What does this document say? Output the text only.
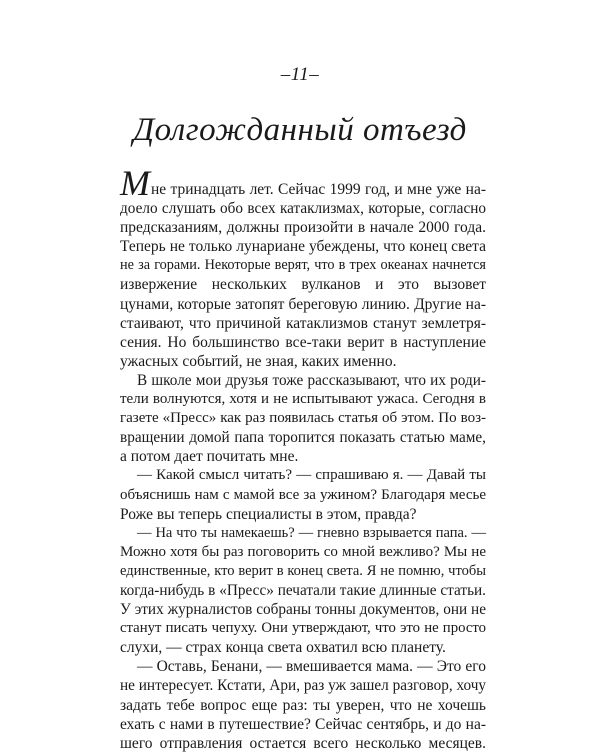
–11–
Долгожданный отъезд
Мне тринадцать лет. Сейчас 1999 год, и мне уже на-
доело слушать обо всех катаклизмах, которые, согласно
предсказаниям, должны произойти в начале 2000 года.
Теперь не только лунариане убеждены, что конец света
не за горами. Некоторые верят, что в трех океанах начнется
извержение нескольких вулканов и это вызовет
цунами, которые затопят береговую линию. Другие на-
стаивают, что причиной катаклизмов станут землетря-
сения. Но большинство все-таки верит в наступление
ужасных событий, не зная, каких именно.
В школе мои друзья тоже рассказывают, что их роди-
тели волнуются, хотя и не испытывают ужаса. Сегодня в
газете «Пресс» как раз появилась статья об этом. По воз-
вращении домой папа торопится показать статью маме,
а потом дает почитать мне.
— Какой смысл читать? — спрашиваю я. — Давай ты
объяснишь нам с мамой все за ужином? Благодаря месье
Роже вы теперь специалисты в этом, правда?
— На что ты намекаешь? — гневно взрывается папа. —
Можно хотя бы раз поговорить со мной вежливо? Мы не
единственные, кто верит в конец света. Я не помню, чтобы
когда-нибудь в «Пресс» печатали такие длинные статьи.
У этих журналистов собраны тонны документов, они не
станут писать чепуху. Они утверждают, что это не просто
слухи, — страх конца света охватил всю планету.
— Оставь, Бенани, — вмешивается мама. — Это его
не интересует. Кстати, Ари, раз уж зашел разговор, хочу
задать тебе вопрос еще раз: ты уверен, что не хочешь
ехать с нами в путешествие? Сейчас сентябрь, и до на-
шего отправления остается всего несколько месяцев.
